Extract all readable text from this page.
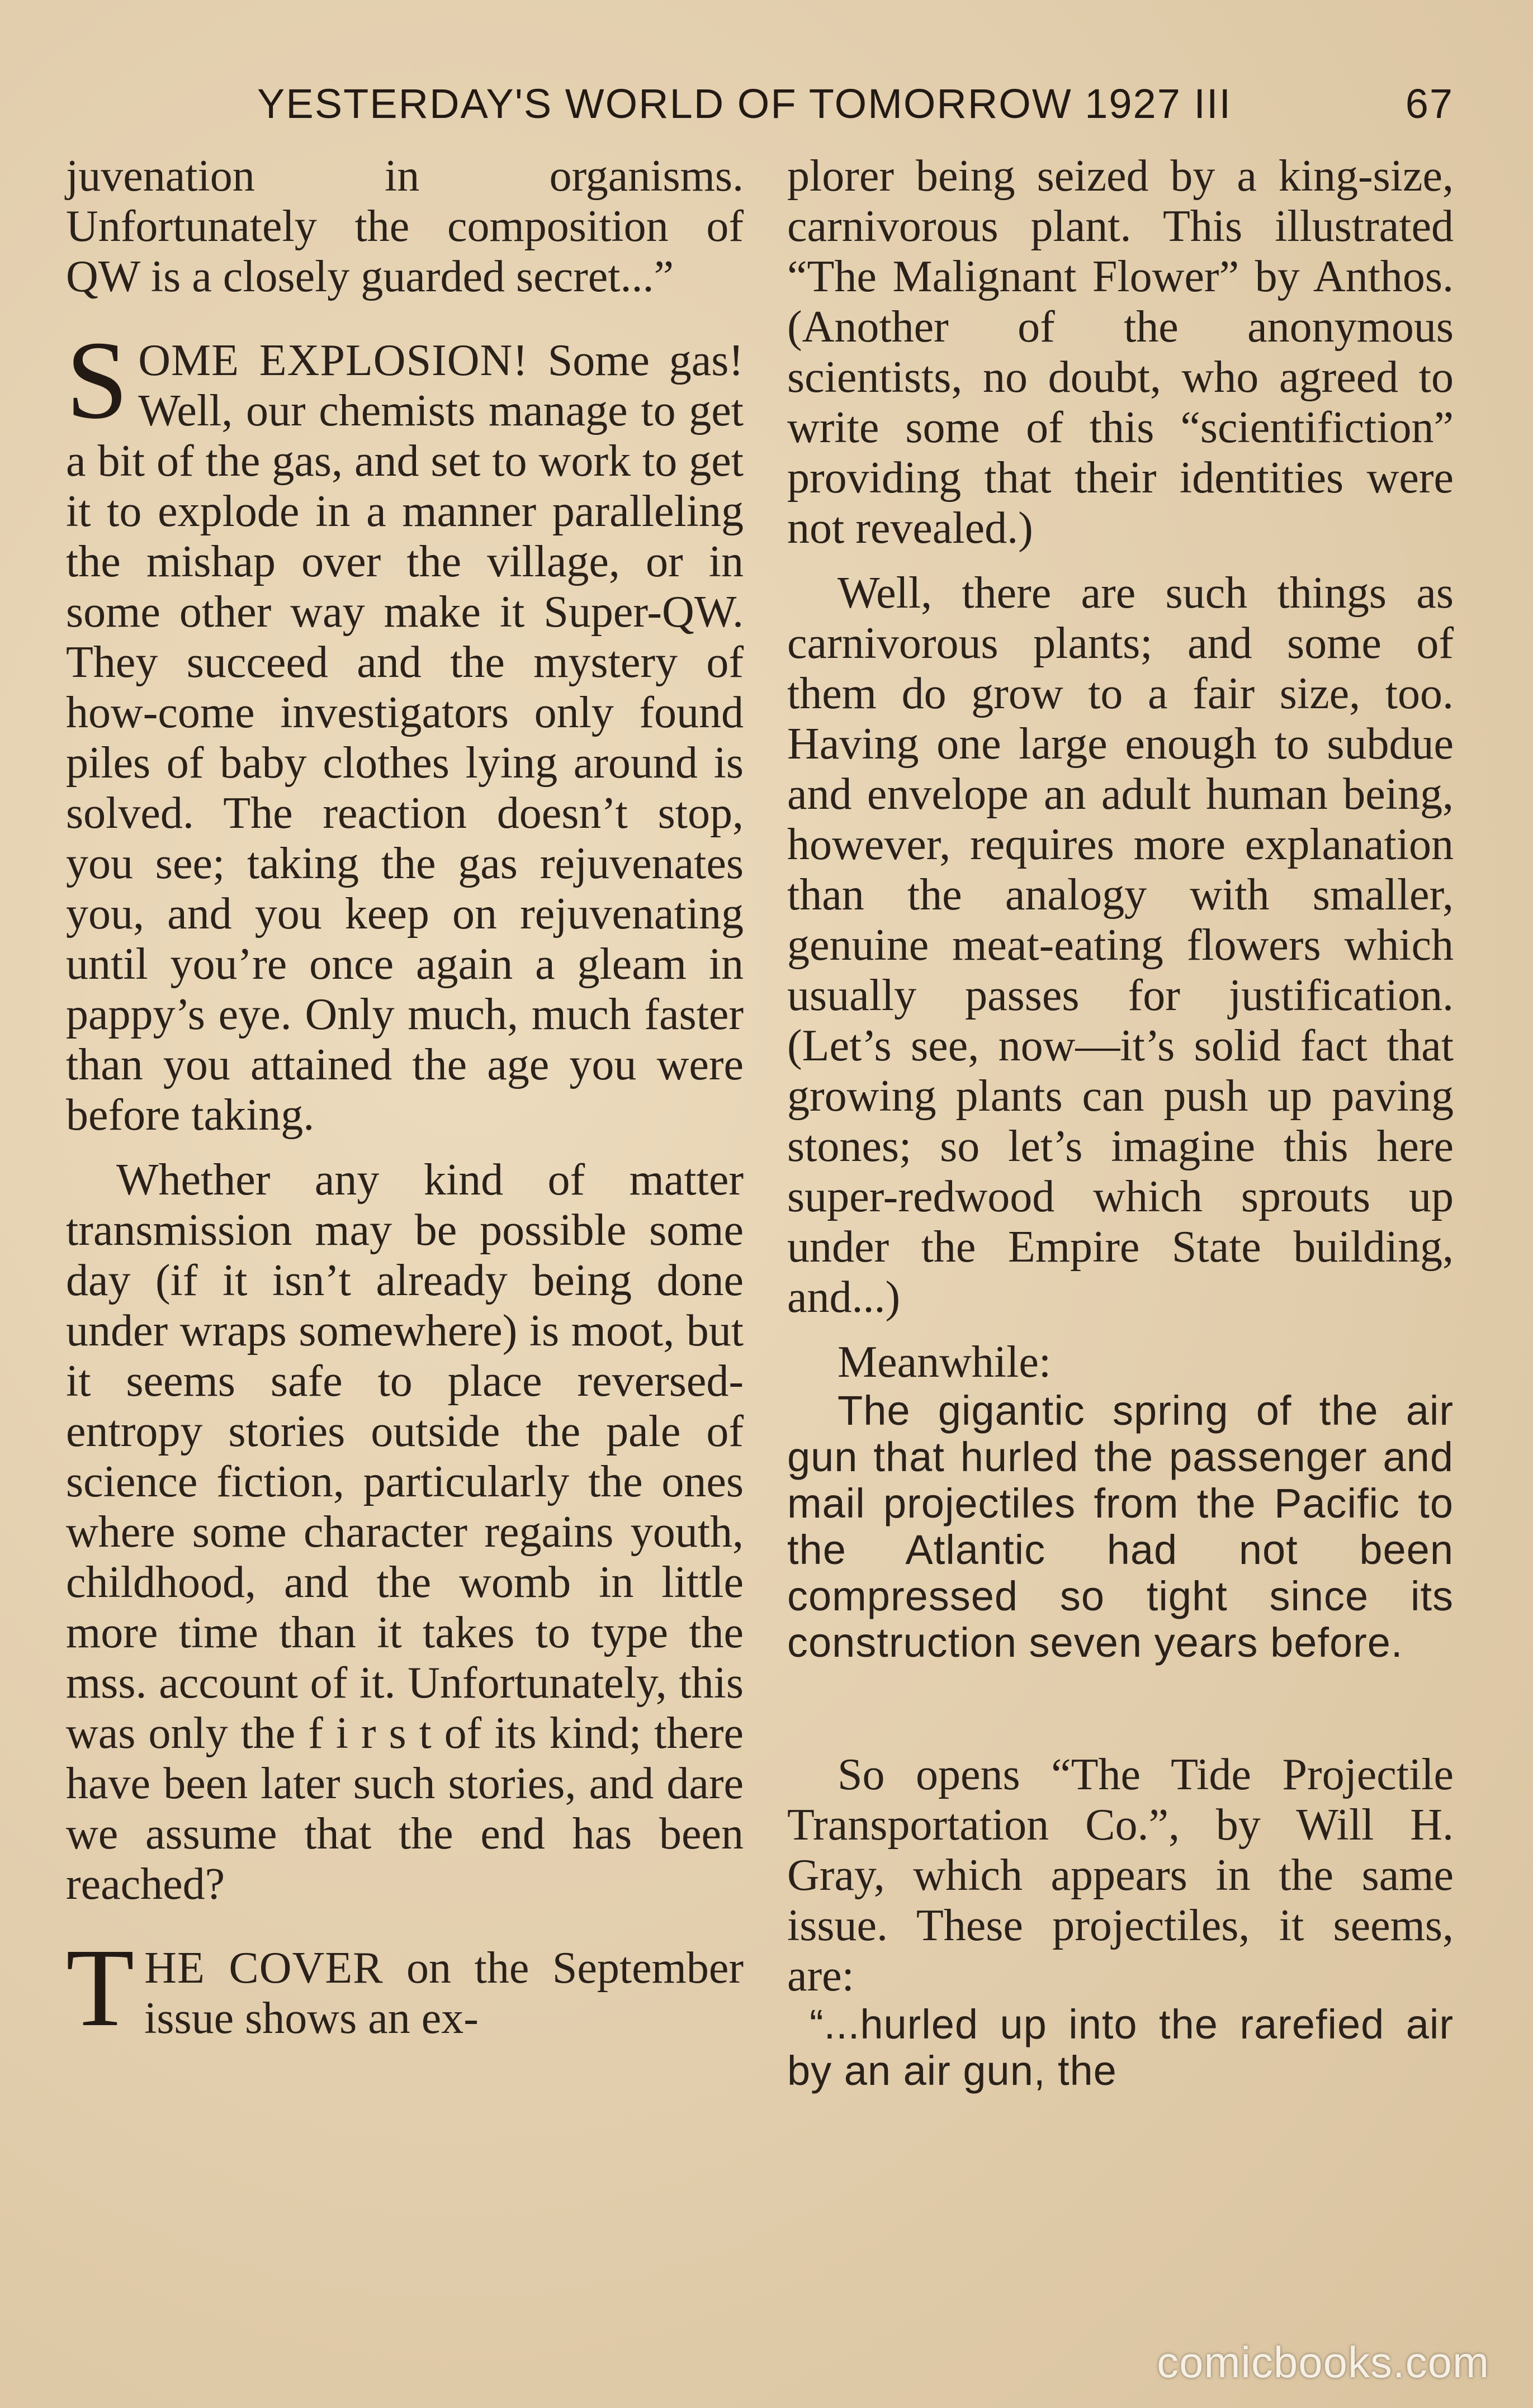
YESTERDAY'S WORLD OF TOMORROW 1927 III	67

juvenation in organisms. Unfortunately the composition of QW is a closely guarded secret...”

SOME EXPLOSION! Some gas! Well, our chemists manage to get a bit of the gas, and set to work to get it to explode in a manner paralleling the mishap over the village, or in some other way make it Super-QW. They succeed and the mystery of how-come investigators only found piles of baby clothes lying around is solved. The reaction doesn’t stop, you see; taking the gas rejuvenates you, and you keep on rejuvenating until you’re once again a gleam in pappy’s eye. Only much, much faster than you attained the age you were before taking.

Whether any kind of matter transmission may be possible some day (if it isn’t already being done under wraps somewhere) is moot, but it seems safe to place reversed-entropy stories outside the pale of science fiction, particularly the ones where some character regains youth, childhood, and the womb in little more time than it takes to type the mss. account of it. Unfortunately, this was only the f i r s t of its kind; there have been later such stories, and dare we assume that the end has been reached?

THE COVER on the September issue shows an ex-

plorer being seized by a king-size, carnivorous plant. This illustrated “The Malignant Flower” by Anthos. (Another of the anonymous scientists, no doubt, who agreed to write some of this “scientifiction” providing that their identities were not revealed.)

Well, there are such things as carnivorous plants; and some of them do grow to a fair size, too. Having one large enough to subdue and envelope an adult human being, however, requires more explanation than the analogy with smaller, genuine meat-eating flowers which usually passes for justification. (Let’s see, now—it’s solid fact that growing plants can push up paving stones; so let’s imagine this here super-redwood which sprouts up under the Empire State building, and...)

Meanwhile:

The gigantic spring of the air gun that hurled the passenger and mail projectiles from the Pacific to the Atlantic had not been compressed so tight since its construction seven years before.

So opens “The Tide Projectile Transportation Co.”, by Will H. Gray, which appears in the same issue. These projectiles, it seems, are:

“...hurled up into the rarefied air by an air gun, the

comicbooks.com
